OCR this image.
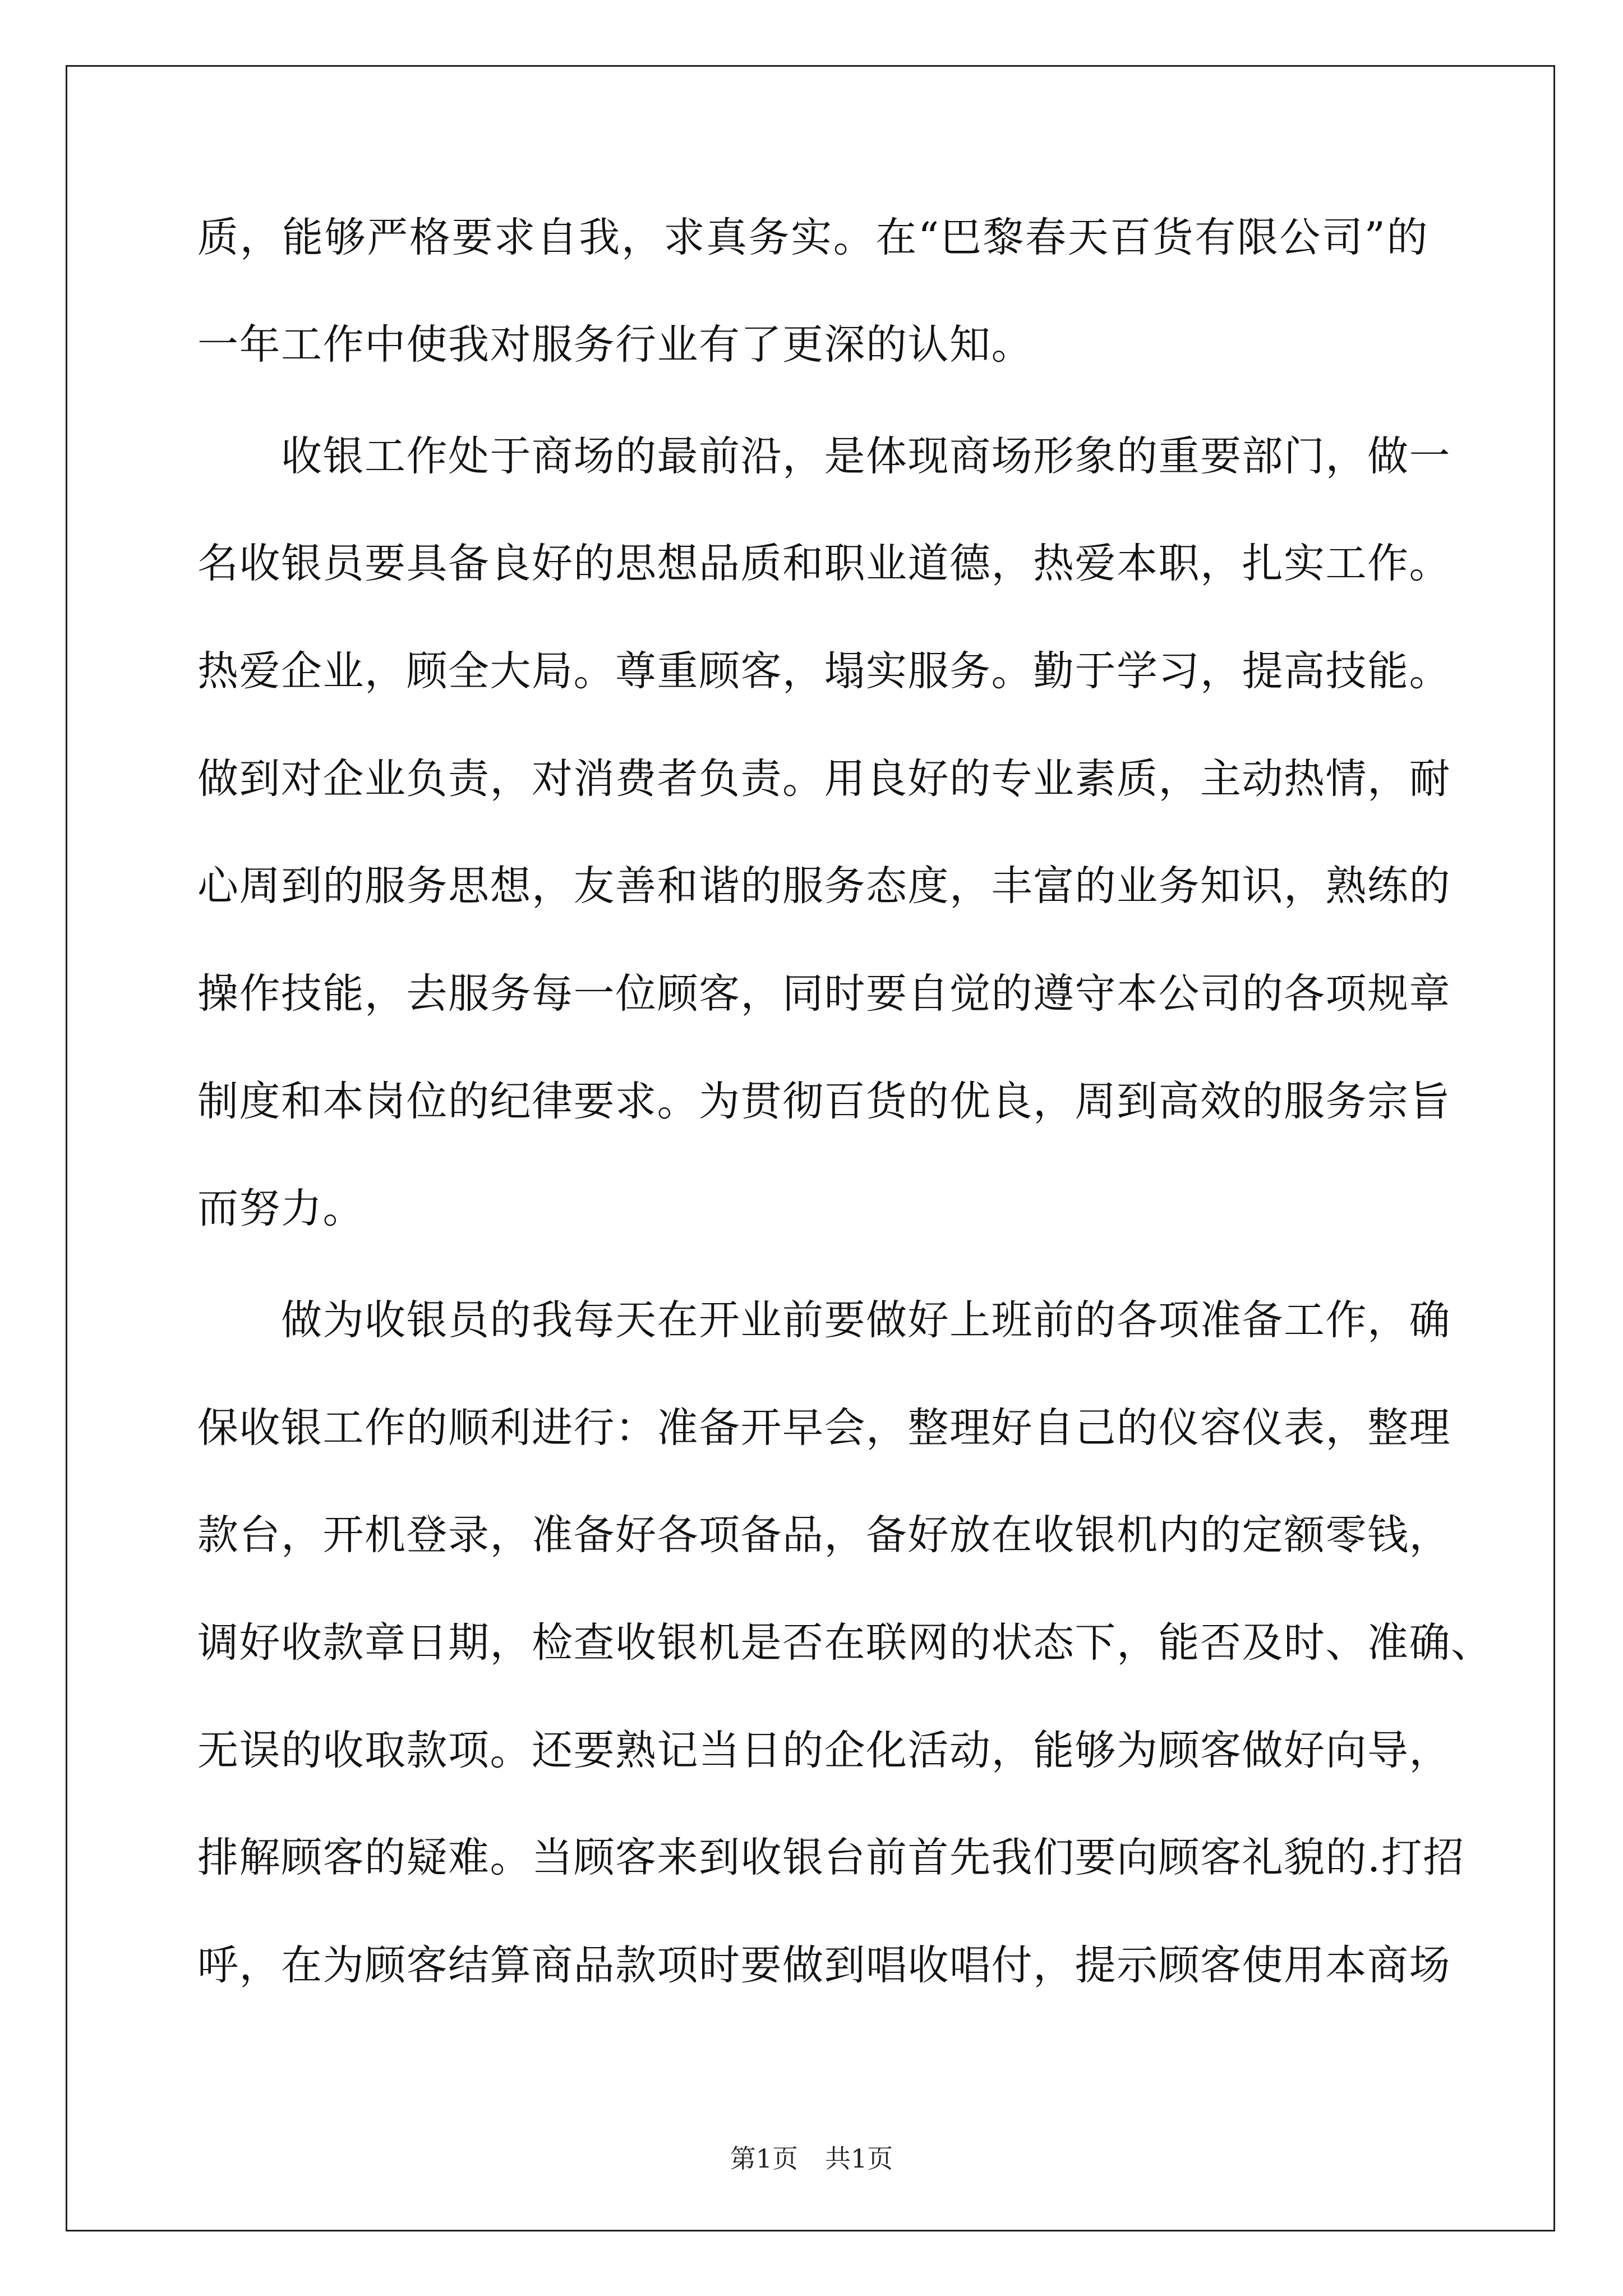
质，能够严格要求自我，求真务实。在“巴黎春天百货有限公司”的
一年工作中使我对服务行业有了更深的认知。
收银工作处于商场的最前沿，是体现商场形象的重要部门，做一
名收银员要具备良好的思想品质和职业道德，热爱本职，扎实工作。
热爱企业，顾全大局。尊重顾客，塌实服务。勤于学习，提高技能。
做到对企业负责，对消费者负责。用良好的专业素质，主动热情，耐
心周到的服务思想，友善和谐的服务态度，丰富的业务知识，熟练的
操作技能，去服务每一位顾客，同时要自觉的遵守本公司的各项规章
制度和本岗位的纪律要求。为贯彻百货的优良，周到高效的服务宗旨
而努力。
做为收银员的我每天在开业前要做好上班前的各项准备工作，确
保收银工作的顺利进行：准备开早会，整理好自己的仪容仪表，整理
款台，开机登录，准备好各项备品，备好放在收银机内的定额零钱，
调好收款章日期，检查收银机是否在联网的状态下，能否及时、准确、
无误的收取款项。还要熟记当日的企化活动，能够为顾客做好向导，
排解顾客的疑难。当顾客来到收银台前首先我们要向顾客礼貌的.打招
呼，在为顾客结算商品款项时要做到唱收唱付，提示顾客使用本商场
第1页 共1页
